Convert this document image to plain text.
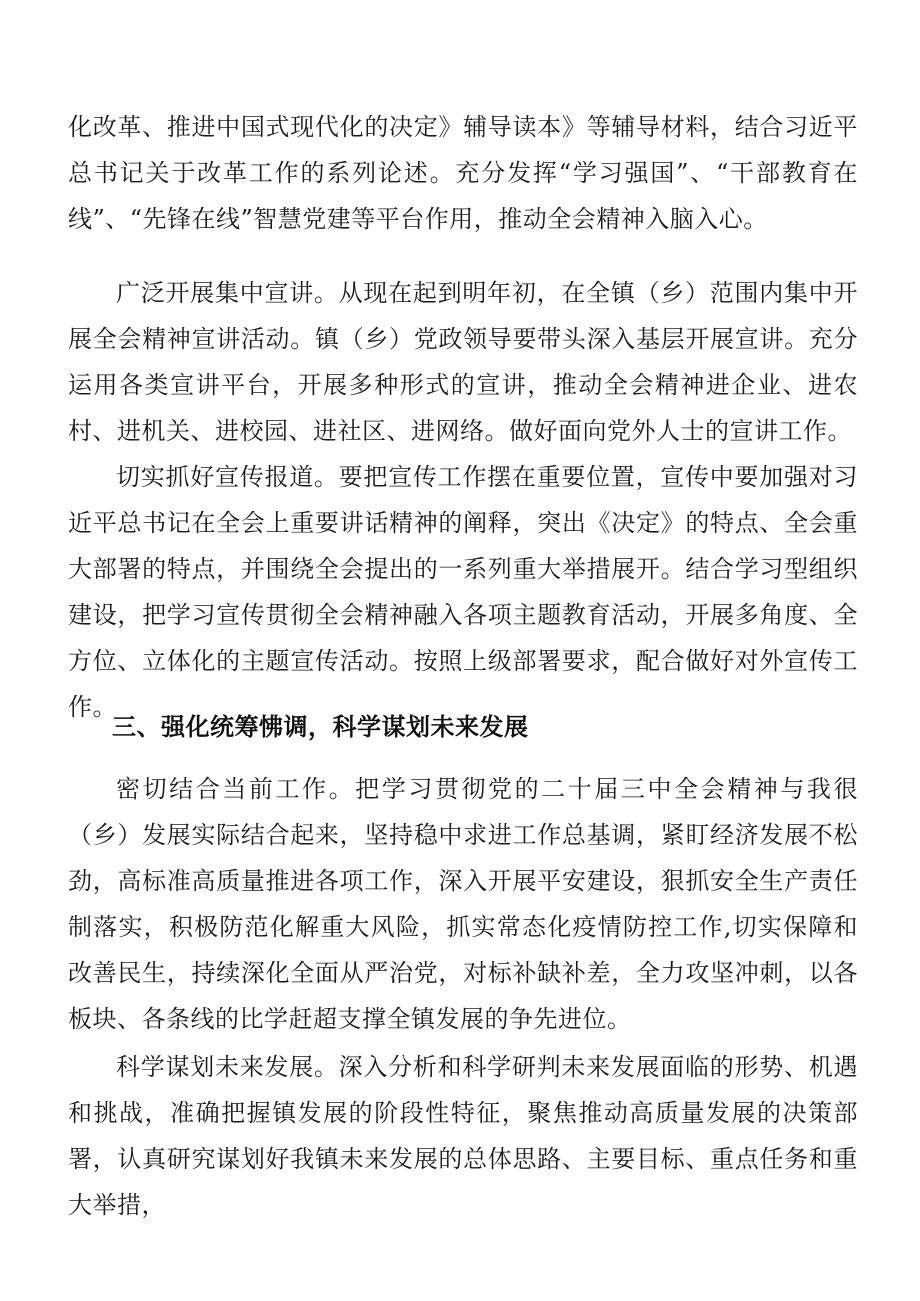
化改革、推进中国式现代化的决定》辅导读本》等辅导材料，结合习近平总书记关于改革工作的系列论述。充分发挥“学习强国”、“干部教育在线”、“先锋在线”智慧党建等平台作用，推动全会精神入脑入心。

广泛开展集中宣讲。从现在起到明年初，在全镇（乡）范围内集中开展全会精神宣讲活动。镇（乡）党政领导要带头深入基层开展宣讲。充分运用各类宣讲平台，开展多种形式的宣讲，推动全会精神进企业、进农村、进机关、进校园、进社区、进网络。做好面向党外人士的宣讲工作。

切实抓好宣传报道。要把宣传工作摆在重要位置，宣传中要加强对习近平总书记在全会上重要讲话精神的阐释，突出《决定》的特点、全会重大部署的特点，并围绕全会提出的一系列重大举措展开。结合学习型组织建设，把学习宣传贯彻全会精神融入各项主题教育活动，开展多角度、全方位、立体化的主题宣传活动。按照上级部署要求，配合做好对外宣传工作。

三、强化统筹怫调，科学谋划未来发展

密切结合当前工作。把学习贯彻党的二十届三中全会精神与我很（乡）发展实际结合起来，坚持稳中求进工作总基调，紧盯经济发展不松劲，高标准高质量推进各项工作，深入开展平安建设，狠抓安全生产责任制落实，积极防范化解重大风险，抓实常态化疫情防控工作,切实保障和改善民生，持续深化全面从严治党，对标补缺补差，全力攻坚冲刺，以各板块、各条线的比学赶超支撑全镇发展的争先进位。

科学谋划未来发展。深入分析和科学研判未来发展面临的形势、机遇和挑战，准确把握镇发展的阶段性特征，聚焦推动高质量发展的决策部署，认真研究谋划好我镇未来发展的总体思路、主要目标、重点任务和重大举措，
